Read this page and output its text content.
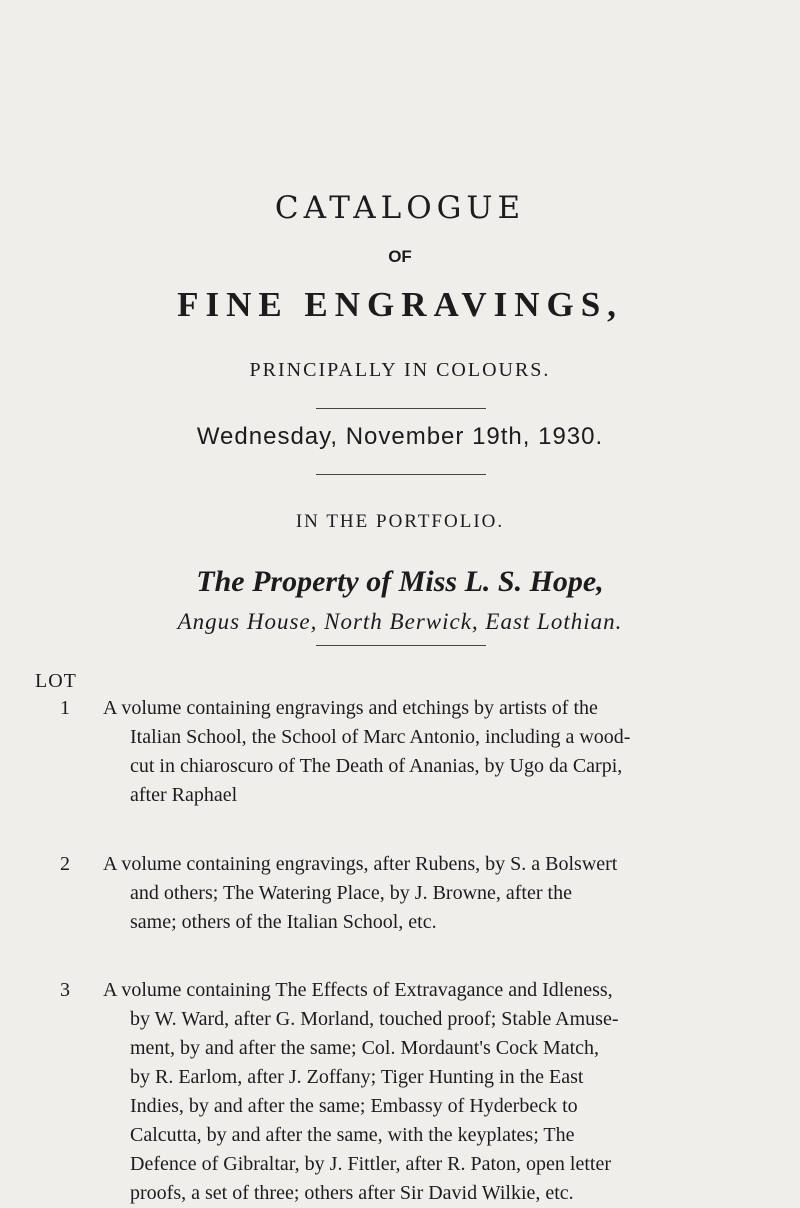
CATALOGUE
OF
FINE ENGRAVINGS,
PRINCIPALLY IN COLOURS.
Wednesday, November 19th, 1930.
IN THE PORTFOLIO.
The Property of Miss L. S. Hope,
Angus House, North Berwick, East Lothian.
LOT
1	A volume containing engravings and etchings by artists of the
Italian School, the School of Marc Antonio, including a wood-
cut in chiaroscuro of The Death of Ananias, by Ugo da Carpi,
after Raphael
2	A volume containing engravings, after Rubens, by S. a Bolswert
and others; The Watering Place, by J. Browne, after the
same; others of the Italian School, etc.
3	A volume containing The Effects of Extravagance and Idleness,
by W. Ward, after G. Morland, touched proof; Stable Amuse-
ment, by and after the same; Col. Mordaunt's Cock Match,
by R. Earlom, after J. Zoffany; Tiger Hunting in the East
Indies, by and after the same; Embassy of Hyderbeck to
Calcutta, by and after the same, with the keyplates; The
Defence of Gibraltar, by J. Fittler, after R. Paton, open letter
proofs, a set of three; others after Sir David Wilkie, etc.
